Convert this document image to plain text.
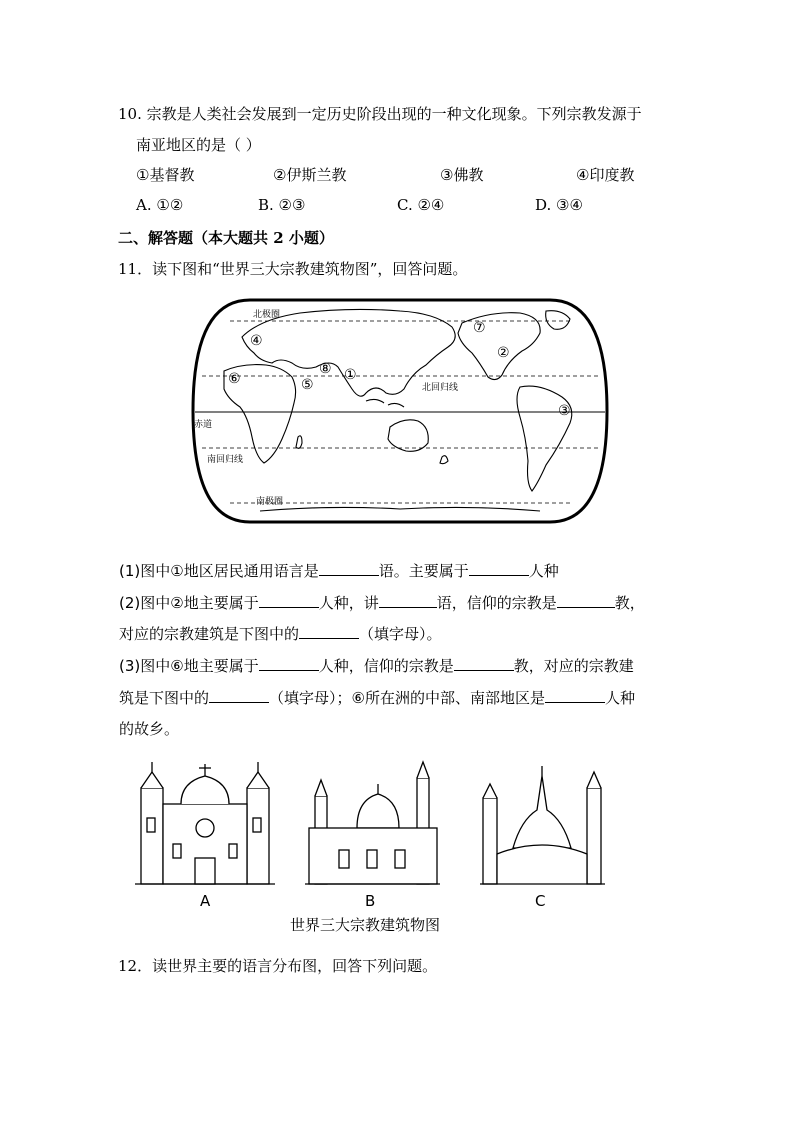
10. 宗教是人类社会发展到一定历史阶段出现的一种文化现象。下列宗教发源于
南亚地区的是（ ）
①基督教	②伊斯兰教	③佛教	④印度教
A. ①②	B. ②③	C. ②④	D. ③④
二、解答题（本大题共 2 小题）
11．读下图和“世界三大宗教建筑物图”，回答问题。
北极圈
北回归线
赤道
南回归线
南极圈
①
②
③
④
⑤
⑥
⑦
⑧
(1)图中①地区居民通用语言是	语。主要属于	人种
(2)图中②地主要属于	人种，讲	语，信仰的宗教是	教，
对应的宗教建筑是下图中的	（填字母）。
(3)图中⑥地主要属于	人种，信仰的宗教是	教，对应的宗教建
筑是下图中的	（填字母）；⑥所在洲的中部、南部地区是	人种
的故乡。
A	B	C
世界三大宗教建筑物图
12．读世界主要的语言分布图，回答下列问题。
